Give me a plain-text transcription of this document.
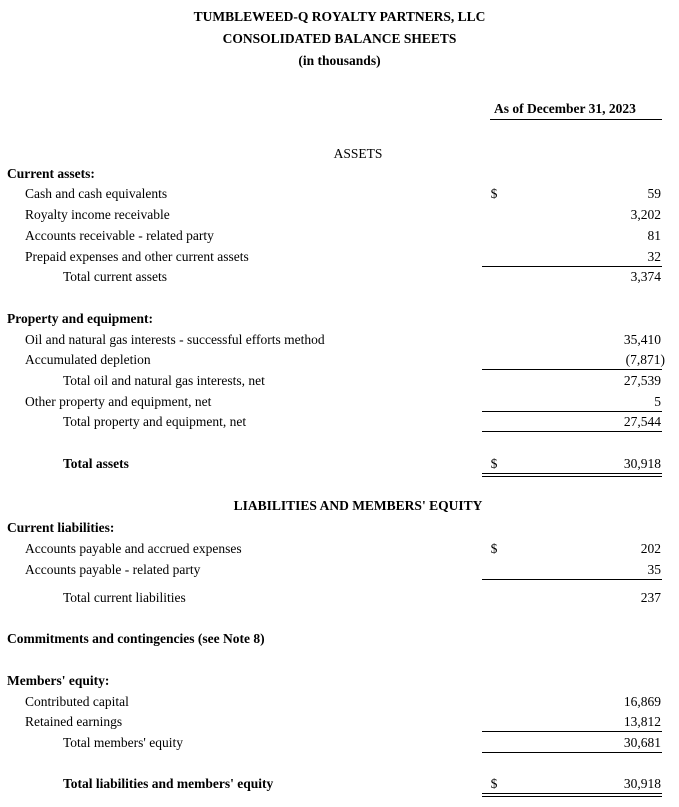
TUMBLEWEED-Q ROYALTY PARTNERS, LLC
CONSOLIDATED BALANCE SHEETS
(in thousands)
As of December 31, 2023
ASSETS
Current assets:
Cash and cash equivalents	$	59
Royalty income receivable	3,202
Accounts receivable - related party	81
Prepaid expenses and other current assets	32
Total current assets	3,374
Property and equipment:
Oil and natural gas interests - successful efforts method	35,410
Accumulated depletion	(7,871)
Total oil and natural gas interests, net	27,539
Other property and equipment, net	5
Total property and equipment, net	27,544
Total assets	$	30,918
LIABILITIES AND MEMBERS' EQUITY
Current liabilities:
Accounts payable and accrued expenses	$	202
Accounts payable - related party	35
Total current liabilities	237
Commitments and contingencies (see Note 8)
Members' equity:
Contributed capital	16,869
Retained earnings	13,812
Total members' equity	30,681
Total liabilities and members' equity	$	30,918
